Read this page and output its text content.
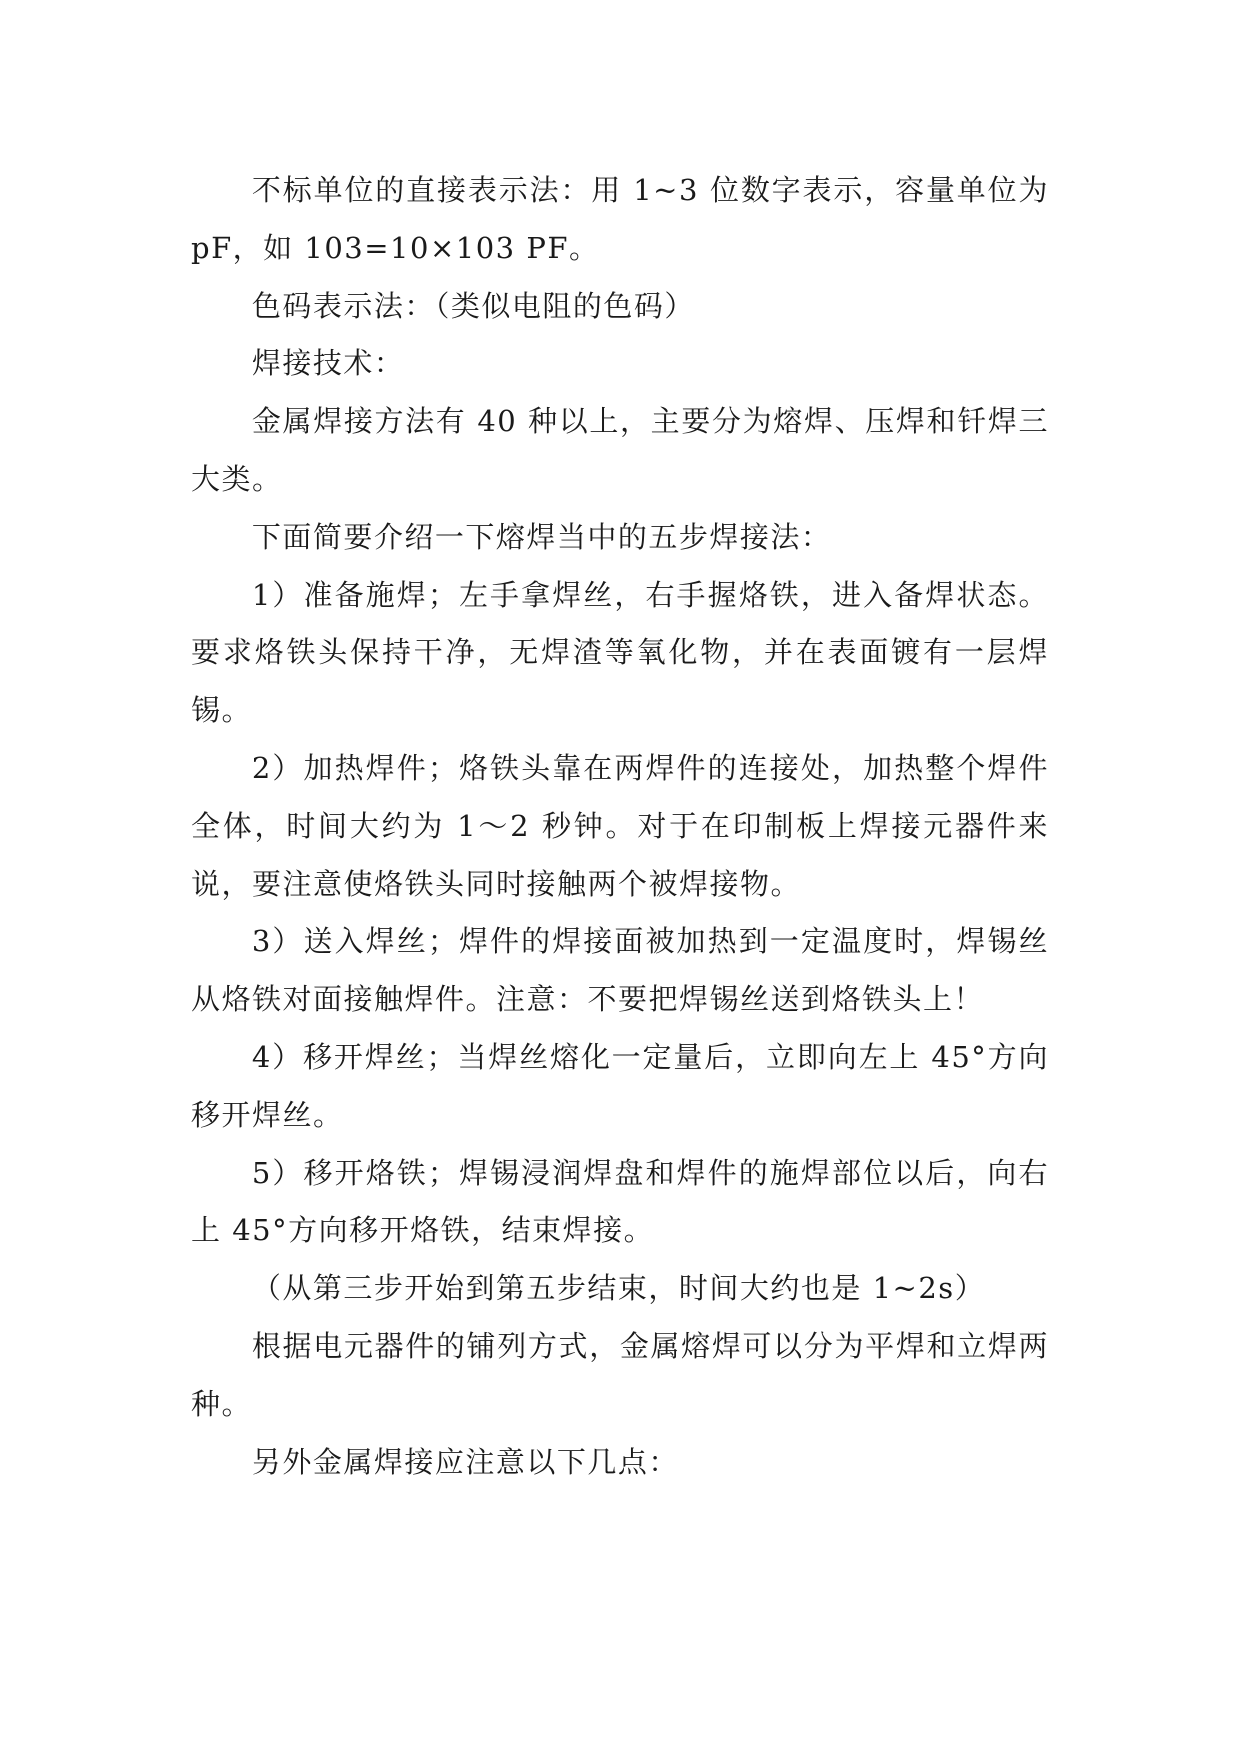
不标单位的直接表示法：用 1~3 位数字表示，容量单位为 pF，如 103=10×103 PF。

色码表示法：（类似电阻的色码）

焊接技术：

金属焊接方法有 40 种以上，主要分为熔焊、压焊和钎焊三大类。

下面简要介绍一下熔焊当中的五步焊接法：

1）准备施焊；左手拿焊丝，右手握烙铁，进入备焊状态。要求烙铁头保持干净，无焊渣等氧化物，并在表面镀有一层焊锡。

2）加热焊件；烙铁头靠在两焊件的连接处，加热整个焊件全体，时间大约为 1～2 秒钟。对于在印制板上焊接元器件来说，要注意使烙铁头同时接触两个被焊接物。

3）送入焊丝；焊件的焊接面被加热到一定温度时，焊锡丝从烙铁对面接触焊件。注意：不要把焊锡丝送到烙铁头上！

4）移开焊丝；当焊丝熔化一定量后，立即向左上 45°方向移开焊丝。

5）移开烙铁；焊锡浸润焊盘和焊件的施焊部位以后，向右上 45°方向移开烙铁，结束焊接。

（从第三步开始到第五步结束，时间大约也是 1~2s）

根据电元器件的铺列方式，金属熔焊可以分为平焊和立焊两种。

另外金属焊接应注意以下几点：
